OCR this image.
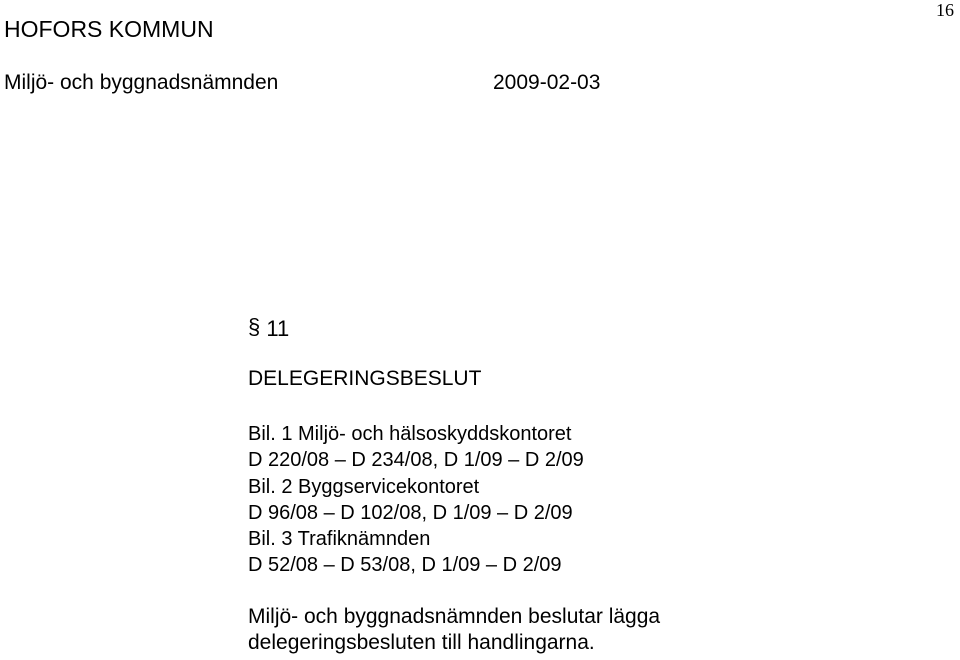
16
HOFORS KOMMUN
Miljö- och byggnadsnämnden	2009-02-03
§ 11
DELEGERINGSBESLUT
Bil. 1 Miljö- och hälsoskyddskontoret
D 220/08 – D 234/08, D 1/09 – D 2/09
Bil. 2 Byggservicekontoret
D 96/08 – D 102/08, D 1/09 – D 2/09
Bil. 3 Trafiknämnden
D 52/08 – D 53/08, D 1/09 – D 2/09
Miljö- och byggnadsnämnden beslutar lägga
delegeringsbesluten till handlingarna.
